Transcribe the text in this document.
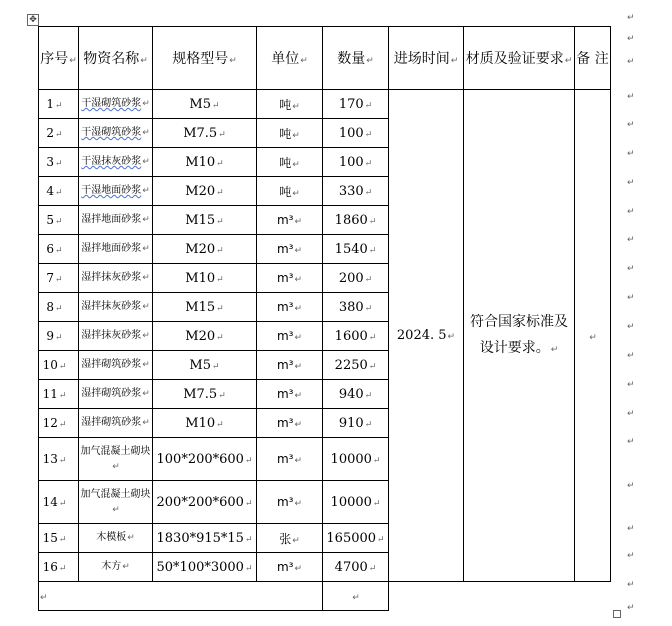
✥
序号↵	物资名称↵	规格型号↵	单位↵	数量↵	进场时间↵	材质及验证要求↵	备 注
1↵	干湿砌筑砂浆↵	M5↵	吨↵	170↵	2024. 5↵	符合国家标准及
设计要求。↵	↵
2↵	干湿砌筑砂浆↵	M7.5↵	吨↵	100↵			
3↵	干湿抹灰砂浆↵	M10↵	吨↵	100↵			
4↵	干湿地面砂浆↵	M20↵	吨↵	330↵			
5↵	湿拌地面砂浆↵	M15↵	m³↵	1860↵			
6↵	湿拌地面砂浆↵	M20↵	m³↵	1540↵			
7↵	湿拌抹灰砂浆↵	M10↵	m³↵	200↵			
8↵	湿拌抹灰砂浆↵	M15↵	m³↵	380↵			
9↵	湿拌抹灰砂浆↵	M20↵	m³↵	1600↵			
10↵	湿拌砌筑砂浆↵	M5↵	m³↵	2250↵			
11↵	湿拌砌筑砂浆↵	M7.5↵	m³↵	940↵			
12↵	湿拌砌筑砂浆↵	M10↵	m³↵	910↵			
13↵	加气混凝土砌块↵	100*200*600↵	m³↵	10000↵			
14↵	加气混凝土砌块↵	200*200*600↵	m³↵	10000↵			
15↵	木模板↵	1830*915*15↵	张↵	165000↵			
16↵	木方↵	50*100*3000↵	m³↵	4700↵			
↵				↵			
↵
↵
↵
↵
↵
↵
↵
↵
↵
↵
↵
↵
↵
↵
↵
↵
↵
↵
↵
↵
↵
